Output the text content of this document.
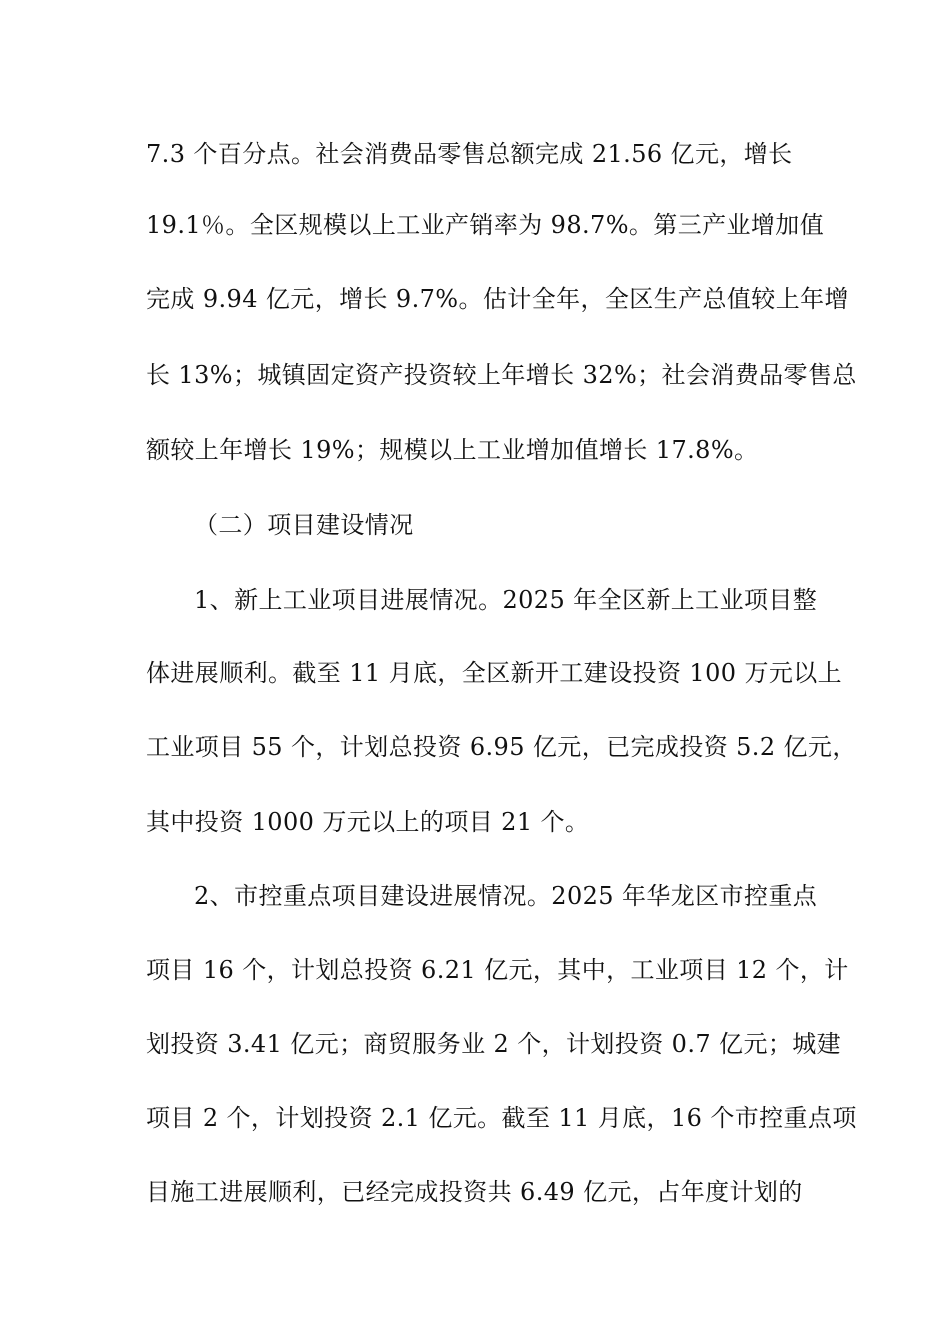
7.3 个百分点。社会消费品零售总额完成 21.56 亿元，增长
19.1％。全区规模以上工业产销率为 98.7%。第三产业增加值
完成 9.94 亿元，增长 9.7%。估计全年，全区生产总值较上年增
长 13%；城镇固定资产投资较上年增长 32%；社会消费品零售总
额较上年增长 19%；规模以上工业增加值增长 17.8%。
（二）项目建设情况
1、新上工业项目进展情况。2025 年全区新上工业项目整
体进展顺利。截至 11 月底，全区新开工建设投资 100 万元以上
工业项目 55 个，计划总投资 6.95 亿元，已完成投资 5.2 亿元，
其中投资 1000 万元以上的项目 21 个。
2、市控重点项目建设进展情况。2025 年华龙区市控重点
项目 16 个，计划总投资 6.21 亿元，其中，工业项目 12 个，计
划投资 3.41 亿元；商贸服务业 2 个，计划投资 0.7 亿元；城建
项目 2 个，计划投资 2.1 亿元。截至 11 月底，16 个市控重点项
目施工进展顺利，已经完成投资共 6.49 亿元，占年度计划的
